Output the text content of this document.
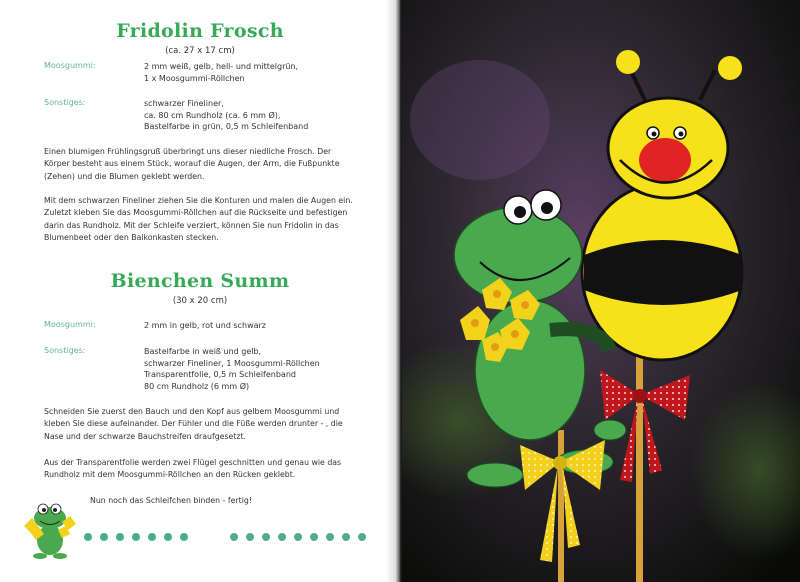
Fridolin Frosch
(ca. 27 x 17 cm)
Moosgummi:	2 mm weiß, gelb, hell- und mittelgrün,
1 x Moosgummi-Röllchen
Sonstiges:	schwarzer Fineliner,
ca. 80 cm Rundholz (ca. 6 mm Ø),
Bastelfarbe in grün, 0,5 m Schleifenband
Einen blumigen Frühlingsgruß überbringt uns dieser niedliche Frosch. Der
Körper besteht aus einem Stück, worauf die Augen, der Arm, die Fußpunkte
(Zehen) und die Blumen geklebt werden.
Mit dem schwarzen Fineliner ziehen Sie die Konturen und malen die Augen ein.
Zuletzt kleben Sie das Moosgummi-Röllchen auf die Rückseite und befestigen
darin das Rundholz. Mit der Schleife verziert, können Sie nun Fridolin in das
Blumenbeet oder den Balkonkasten stecken.
Bienchen Summ
(30 x 20 cm)
Moosgummi:	2 mm in gelb, rot und schwarz
Sonstiges:	Bastelfarbe in weiß und gelb,
schwarzer Fineliner, 1 Moosgummi-Röllchen
Transparentfolie, 0,5 m Schleifenband
80 cm Rundholz (6 mm Ø)
Schneiden Sie zuerst den Bauch und den Kopf aus gelbem Moosgummi und
kleben Sie diese aufeinander. Der Fühler und die Füße werden drunter - , die
Nase und der schwarze Bauchstreifen draufgesetzt.
Aus der Transparentfolie werden zwei Flügel geschnitten und genau wie das
Rundholz mit dem Moosgummi-Röllchen an den Rücken geklebt.
Nun noch das Schleifchen binden - fertig!
